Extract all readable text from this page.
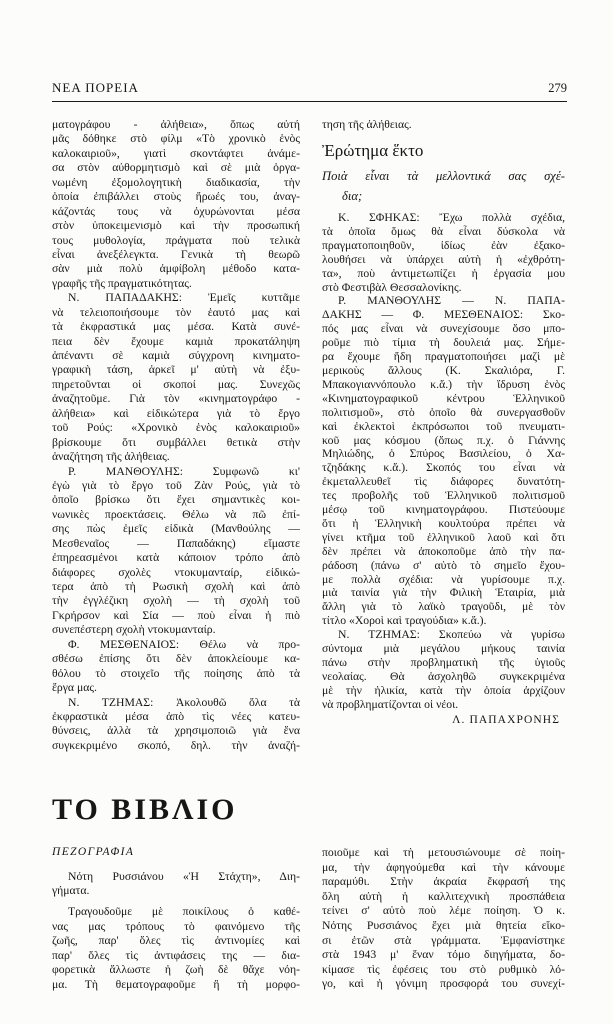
ΝΕΑ ΠΟΡΕΙΑ	279
ματογράφου - ἀλήθεια», ὅπως αὐτή
μᾶς δόθηκε στὸ φίλμ «Τὸ χρονικὸ ἑνὸς
καλοκαιριοῦ», γιατὶ σκοντάφτει ἀνάμε-
σα στὸν αὐθορμητισμὸ καὶ σὲ μιὰ ὀργα-
νωμένη ἐξομολογητικὴ διαδικασία, τὴν
ὁποία ἐπιβάλλει στοὺς ἥρωές του, ἀναγ-
κάζοντάς τους νὰ ὀχυρώνονται μέσα
στὸν ὑποκειμενισμὸ καὶ τὴν προσωπική
τους μυθολογία, πράγματα ποὺ τελικὰ
εἶναι ἀνεξέλεγκτα. Γενικὰ τὴ θεωρῶ
σὰν μιὰ πολὺ ἀμφίβολη μέθοδο κατα-
γραφῆς τῆς πραγματικότητας.
Ν. ΠΑΠΑΔΑΚΗΣ: Ἐμεῖς κυττᾶμε
νὰ τελειοποιήσουμε τὸν ἑαυτό μας καὶ
τὰ ἐκφραστικά μας μέσα. Κατὰ συνέ-
πεια δὲν ἔχουμε καμιὰ προκατάληψη
ἀπέναντι σὲ καμιὰ σύγχρονη κινηματο-
γραφικὴ τάση, ἀρκεῖ μ' αὐτὴ νὰ ἐξυ-
πηρετοῦνται οἱ σκοποί μας. Συνεχῶς
ἀναζητοῦμε. Γιὰ τὸν «κινηματογράφο -
ἀλήθεια» καὶ εἰδικώτερα γιὰ τὸ ἔργο
τοῦ Ρούς: «Χρονικὸ ἑνὸς καλοκαιριοῦ»
βρίσκουμε ὅτι συμβάλλει θετικὰ στὴν
ἀναζήτηση τῆς ἀλήθειας.
Ρ. ΜΑΝΘΟΥΛΗΣ: Συμφωνῶ κι'
ἐγὼ γιὰ τὸ ἔργο τοῦ Ζὰν Ρούς, γιὰ τὸ
ὁποῖο βρίσκω ὅτι ἔχει σημαντικὲς κοι-
νωνικὲς προεκτάσεις. Θέλω νὰ πῶ ἐπί-
σης πὼς ἐμεῖς εἰδικὰ (Μανθούλης —
Μεσθεναῖος — Παπαδάκης) εἴμαστε
ἐπηρεασμένοι κατὰ κάποιον τρόπο ἀπὸ
διάφορες σχολὲς ντοκυμανταίρ, εἰδικώ-
τερα ἀπὸ τὴ Ρωσικὴ σχολὴ καὶ ἀπὸ
τὴν ἐγγλέζικη σχολὴ — τὴ σχολὴ τοῦ
Γκρήρσον καὶ Σία — ποὺ εἶναι ἡ πιὸ
συνεπέστερη σχολὴ ντοκυμανταίρ.
Φ. ΜΕΣΘΕΝΑΙΟΣ: Θέλω νὰ προ-
σθέσω ἐπίσης ὅτι δὲν ἀποκλείουμε κα-
θόλου τὸ στοιχεῖο τῆς ποίησης ἀπὸ τὰ
ἔργα μας.
Ν. ΤΖΗΜΑΣ: Ἀκολουθῶ ὅλα τὰ
ἐκφραστικὰ μέσα ἀπὸ τὶς νέες κατευ-
θύνσεις, ἀλλὰ τὰ χρησιμοποιῶ γιὰ ἕνα
συγκεκριμένο σκοπό, δηλ. τὴν ἀναζή-
τηση τῆς ἀλήθειας.
Ἐρώτημα ἕκτο
Ποιὰ εἶναι τὰ μελλοντικά σας σχέ-
δια;
Κ. ΣΦΗΚΑΣ: Ἔχω πολλὰ σχέδια,
τὰ ὁποῖα ὅμως θὰ εἶναι δύσκολα νὰ
πραγματοποιηθοῦν, ἰδίως ἐὰν ἐξακο-
λουθήσει νὰ ὑπάρχει αὐτὴ ἡ «ἐχθρότη-
τα», ποὺ ἀντιμετωπίζει ἡ ἐργασία μου
στὸ Φεστιβὰλ Θεσσαλονίκης.
Ρ. ΜΑΝΘΟΥΛΗΣ — Ν. ΠΑΠΑ-
ΔΑΚΗΣ — Φ. ΜΕΣΘΕΝΑΙΟΣ: Σκο-
πός μας εἶναι νὰ συνεχίσουμε ὅσο μπο-
ροῦμε πιὸ τίμια τὴ δουλειά μας. Σήμε-
ρα ἔχουμε ἤδη πραγματοποιήσει μαζὶ μὲ
μερικοὺς ἄλλους (Κ. Σκαλιόρα, Γ.
Μπακογιαννόπουλο κ.ἄ.) τὴν ἵδρυση ἑνὸς
«Κινηματογραφικοῦ κέντρου Ἑλληνικοῦ
πολιτισμοῦ», στὸ ὁποῖο θὰ συνεργασθοῦν
καὶ ἐκλεκτοὶ ἐκπρόσωποι τοῦ πνευματι-
κοῦ μας κόσμου (ὅπως π.χ. ὁ Γιάννης
Μηλιώδης, ὁ Σπύρος Βασιλείου, ὁ Χα-
τζηδάκης κ.ἄ.). Σκοπός του εἶναι νὰ
ἐκμεταλλευθεῖ τὶς διάφορες δυνατότη-
τες προβολῆς τοῦ Ἑλληνικοῦ πολιτισμοῦ
μέσῳ τοῦ κινηματογράφου. Πιστεύουμε
ὅτι ἡ Ἑλληνικὴ κουλτούρα πρέπει νὰ
γίνει κτῆμα τοῦ ἑλληνικοῦ λαοῦ καὶ ὅτι
δὲν πρέπει νὰ ἀποκοποῦμε ἀπὸ τὴν πα-
ράδοση (πάνω σ' αὐτὸ τὸ σημεῖο ἔχου-
με πολλὰ σχέδια: νὰ γυρίσουμε π.χ.
μιὰ ταινία γιὰ τὴν Φιλικὴ Ἑταιρία, μιὰ
ἄλλη γιὰ τὸ λαϊκὸ τραγοῦδι, μὲ τὸν
τίτλο «Χοροὶ καὶ τραγούδια» κ.ἄ.).
Ν. ΤΖΗΜΑΣ: Σκοπεύω νὰ γυρίσω
σύντομα μιὰ μεγάλου μήκους ταινία
πάνω στὴν προβληματικὴ τῆς ὑγιοῦς
νεολαίας. Θὰ ἀσχοληθῶ συγκεκριμένα
μὲ τὴν ἡλικία, κατὰ τὴν ὁποία ἀρχίζουν
νὰ προβληματίζονται οἱ νέοι.
Λ. ΠΑΠΑΧΡΟΝΗΣ
ΤΟ ΒΙΒΛΙΟ
ΠΕΖΟΓΡΑΦΙΑ
Νότη Ρυσσιάνου «Ἡ Στάχτη», Διη-
γήματα.
Τραγουδοῦμε μὲ ποικίλους ὁ καθέ-
νας μας τρόπους τὸ φαινόμενο τῆς
ζωῆς, παρ' ὅλες τὶς ἀντινομίες καὶ
παρ' ὅλες τὶς ἀντιφάσεις της — δια-
φορετικὰ ἄλλωστε ἡ ζωὴ δὲ θἄχε νόη-
μα. Τὴ θεματογραφοῦμε ἢ τὴ μορφο-
ποιοῦμε καὶ τὴ μετουσιώνουμε σὲ ποίη-
μα, τὴν ἀφηγούμεθα καὶ τὴν κάνουμε
παραμύθι. Στὴν ἀκραία ἔκφρασή της
ὅλη αὐτὴ ἡ καλλιτεχνικὴ προσπάθεια
τείνει σ' αὐτὸ ποὺ λέμε ποίηση. Ὁ κ.
Νότης Ρυσσιάνος ἔχει μιὰ θητεία εἴκο-
σι ἐτῶν στὰ γράμματα. Ἐμφανίστηκε
στὰ 1943 μ' ἕναν τόμο διηγήματα, δο-
κίμασε τὶς ἐφέσεις του στὸ ρυθμικὸ λό-
γο, καὶ ἡ γόνιμη προσφορά του συνεχί-
